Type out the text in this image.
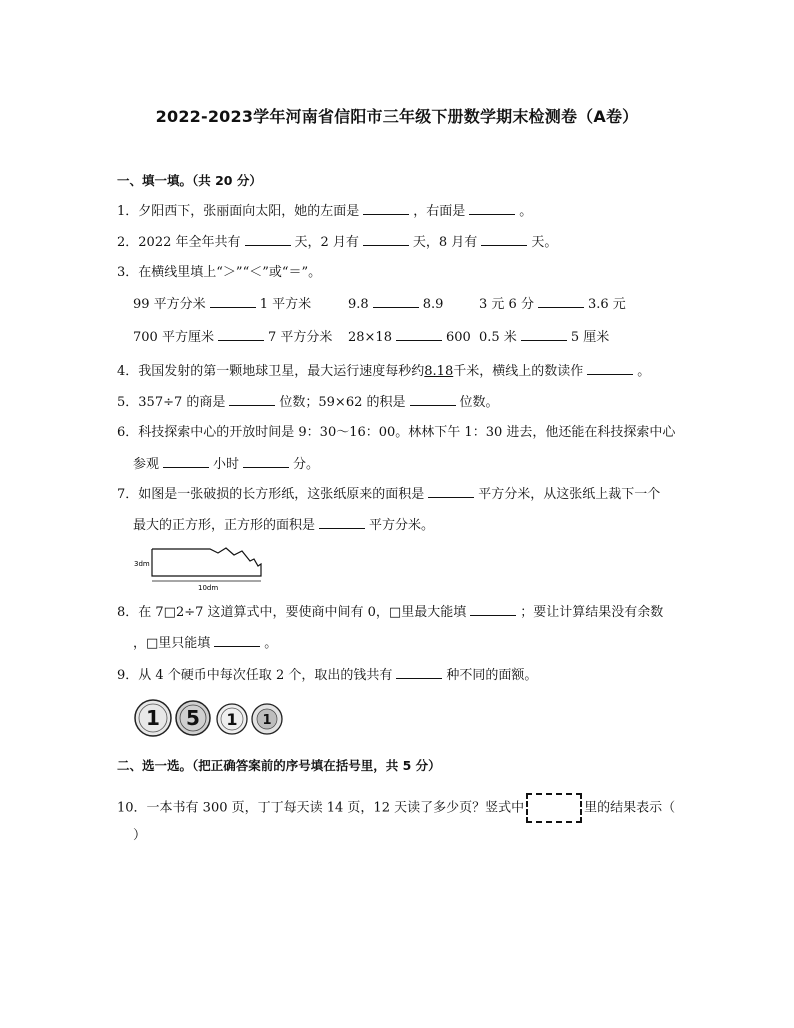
2022-2023学年河南省信阳市三年级下册数学期末检测卷（A卷）
一、填一填。（共 20 分）
1．夕阳西下，张丽面向太阳，她的左面是	，右面是	。
2．2022 年全年共有	天，2 月有	天，8 月有	天。
3．在横线里填上“＞”“＜”或“＝”。
99 平方分米	1 平方米	9.8	8.9	3 元 6 分	3.6 元
700 平方厘米	7 平方分米 28×18	600 0.5 米	5 厘米
4．我国发射的第一颗地球卫星，最大运行速度每秒约8.18千米，横线上的数读作	。
5．357÷7 的商是	位数；59×62 的积是	位数。
6．科技探索中心的开放时间是 9：30～16：00。林林下午 1：30 进去，他还能在科技探索中心
参观	小时	分。
7．如图是一张破损的长方形纸，这张纸原来的面积是	平方分米，从这张纸上裁下一个
最大的正方形，正方形的面积是	平方分米。
3dm
10dm
8．在 7□2÷7 这道算式中，要使商中间有 0，□里最大能填	；要让计算结果没有余数
，□里只能填	。
9．从 4 个硬币中每次任取 2 个，取出的钱共有	种不同的面额。
1 5 1 1
二、选一选。（把正确答案前的序号填在括号里，共 5 分）
10．一本书有 300 页，丁丁每天读 14 页，12 天读了多少页？竖式中	里的结果表示（
）
